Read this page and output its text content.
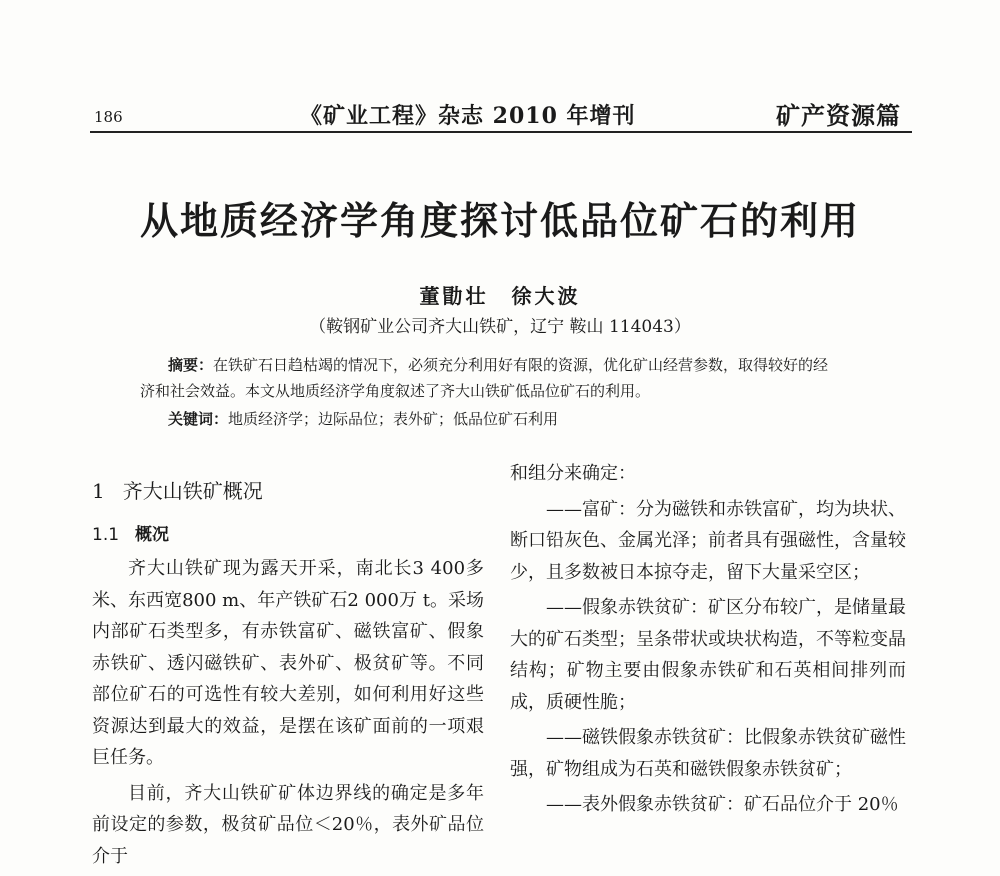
186	《矿业工程》杂志 2010 年增刊	矿产资源篇
从地质经济学角度探讨低品位矿石的利用
董勖壮　徐大波
（鞍钢矿业公司齐大山铁矿，辽宁 鞍山 114043）
摘要：在铁矿石日趋枯竭的情况下，必须充分利用好有限的资源，优化矿山经营参数，取得较好的经
济和社会效益。本文从地质经济学角度叙述了齐大山铁矿低品位矿石的利用。
关键词：地质经济学；边际品位；表外矿；低品位矿石利用
1 齐大山铁矿概况
1.1 概况

齐大山铁矿现为露天开采，南北长3 400多米、东西宽800 m、年产铁矿石2 000万 t。采场内部矿石类型多，有赤铁富矿、磁铁富矿、假象赤铁矿、透闪磁铁矿、表外矿、极贫矿等。不同部位矿石的可选性有较大差别，如何利用好这些资源达到最大的效益，是摆在该矿面前的一项艰巨任务。

目前，齐大山铁矿矿体边界线的确定是多年前设定的参数，极贫矿品位＜20％，表外矿品位介于

和组分来确定：

——富矿：分为磁铁和赤铁富矿，均为块状、断口铅灰色、金属光泽；前者具有强磁性，含量较少，且多数被日本掠夺走，留下大量采空区；

——假象赤铁贫矿：矿区分布较广，是储量最大的矿石类型；呈条带状或块状构造，不等粒变晶结构；矿物主要由假象赤铁矿和石英相间排列而成，质硬性脆；

——磁铁假象赤铁贫矿：比假象赤铁贫矿磁性强，矿物组成为石英和磁铁假象赤铁贫矿；

——表外假象赤铁贫矿：矿石品位介于 20％
